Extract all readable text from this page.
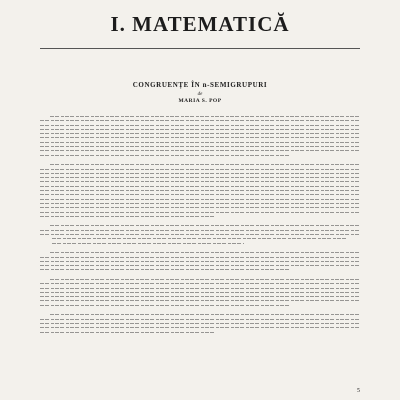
I. MATEMATICĂ
CONGRUENȚE ÎN n-SEMIGRUPURI
de
MARIA S. POP
5
